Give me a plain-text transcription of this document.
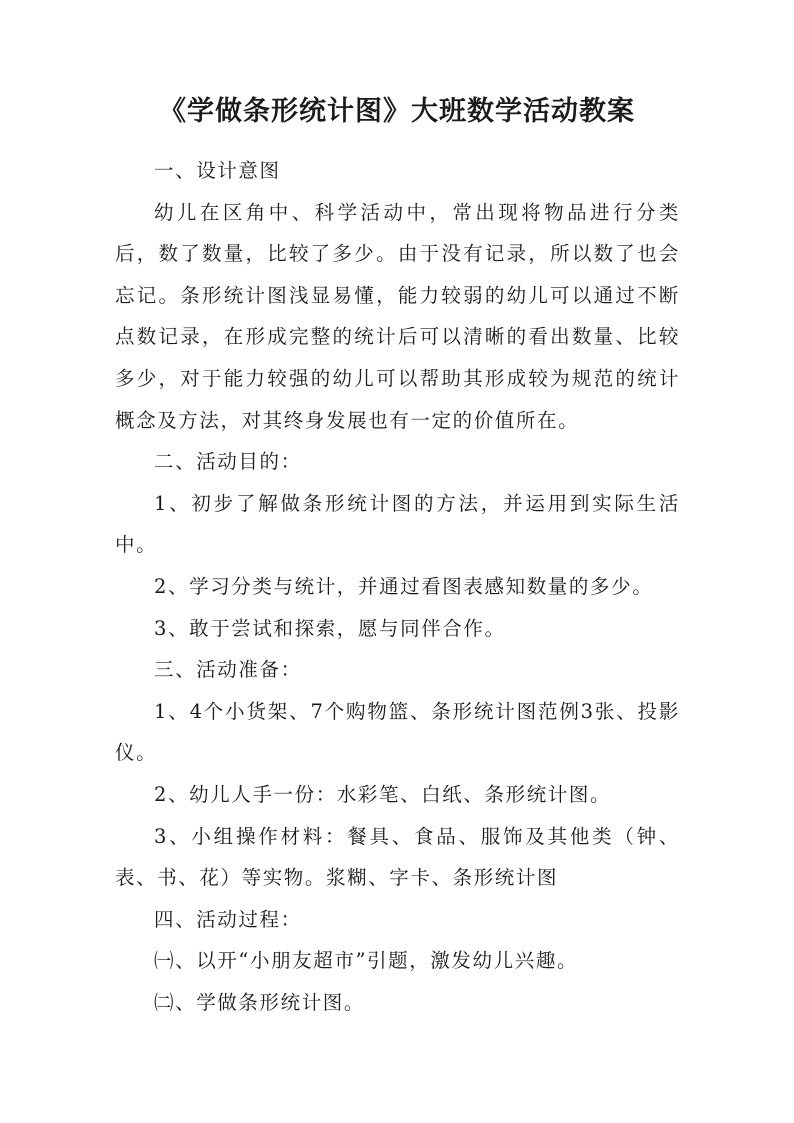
《学做条形统计图》大班数学活动教案

一、设计意图

幼儿在区角中、科学活动中，常出现将物品进行分类后，数了数量，比较了多少。由于没有记录，所以数了也会忘记。条形统计图浅显易懂，能力较弱的幼儿可以通过不断点数记录，在形成完整的统计后可以清晰的看出数量、比较多少，对于能力较强的幼儿可以帮助其形成较为规范的统计概念及方法，对其终身发展也有一定的价值所在。

二、活动目的：

1、初步了解做条形统计图的方法，并运用到实际生活中。

2、学习分类与统计，并通过看图表感知数量的多少。

3、敢于尝试和探索，愿与同伴合作。

三、活动准备：

1、4个小货架、7个购物篮、条形统计图范例3张、投影仪。

2、幼儿人手一份：水彩笔、白纸、条形统计图。

3、小组操作材料：餐具、食品、服饰及其他类（钟、表、书、花）等实物。浆糊、字卡、条形统计图

四、活动过程：

㈠、以开“小朋友超市”引题，激发幼儿兴趣。

㈡、学做条形统计图。
